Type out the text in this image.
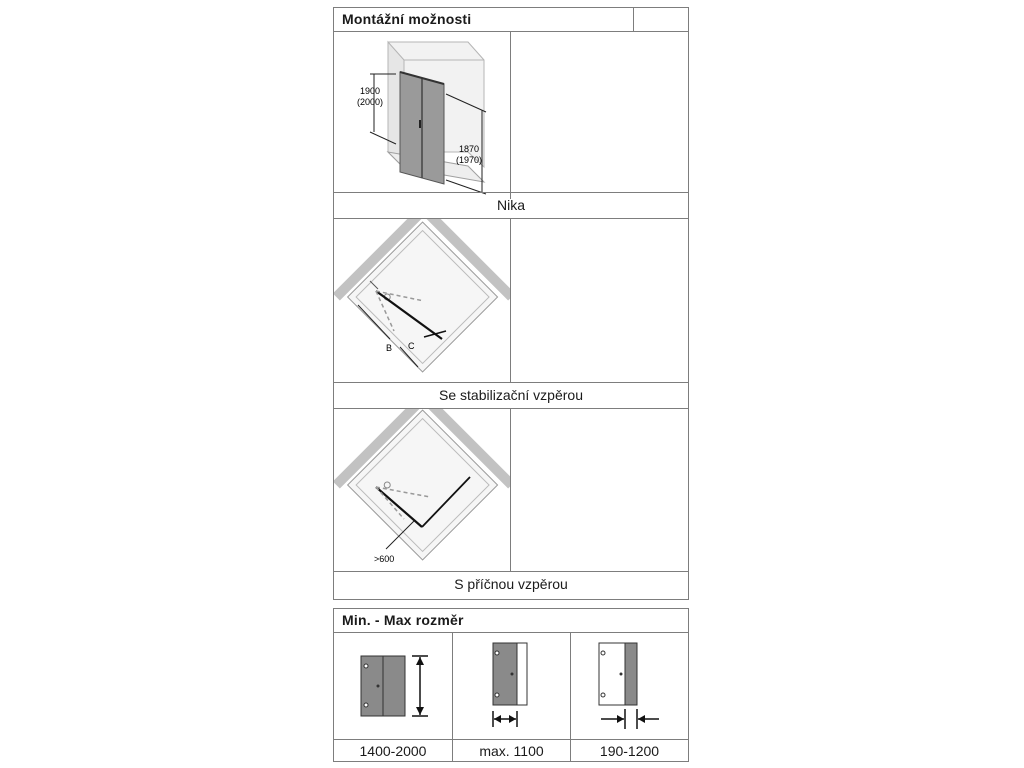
Montážní možnosti
1900
(2000)
1870
(1970)
Nika
B C
Se stabilizační vzpěrou
>600
S příčnou vzpěrou
Min. - Max rozměr
1400-2000	max. 1100	190-1200
